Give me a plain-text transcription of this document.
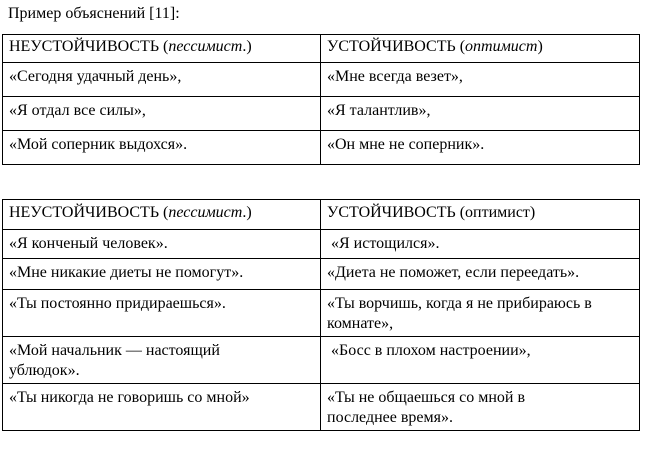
Пример объяснений [11]:
НЕУСТОЙЧИВОСТЬ (пессимист.)	УСТОЙЧИВОСТЬ (оптимист)
«Сегодня удачный день»,	«Мне всегда везет»,
«Я отдал все силы»,	«Я талантлив»,
«Мой соперник выдохся».	«Он мне не соперник».
НЕУСТОЙЧИВОСТЬ (пессимист.)	УСТОЙЧИВОСТЬ (оптимист)
«Я конченый человек».	«Я истощился».
«Мне никакие диеты не помогут».	«Диета не поможет, если переедать».
«Ты постоянно придираешься».	«Ты ворчишь, когда я не прибираюсь в комнате»,
«Мой начальник — настоящий ублюдок».	«Босс в плохом настроении»,
«Ты никогда не говоришь со мной»	«Ты не общаешься со мной в последнее время».
